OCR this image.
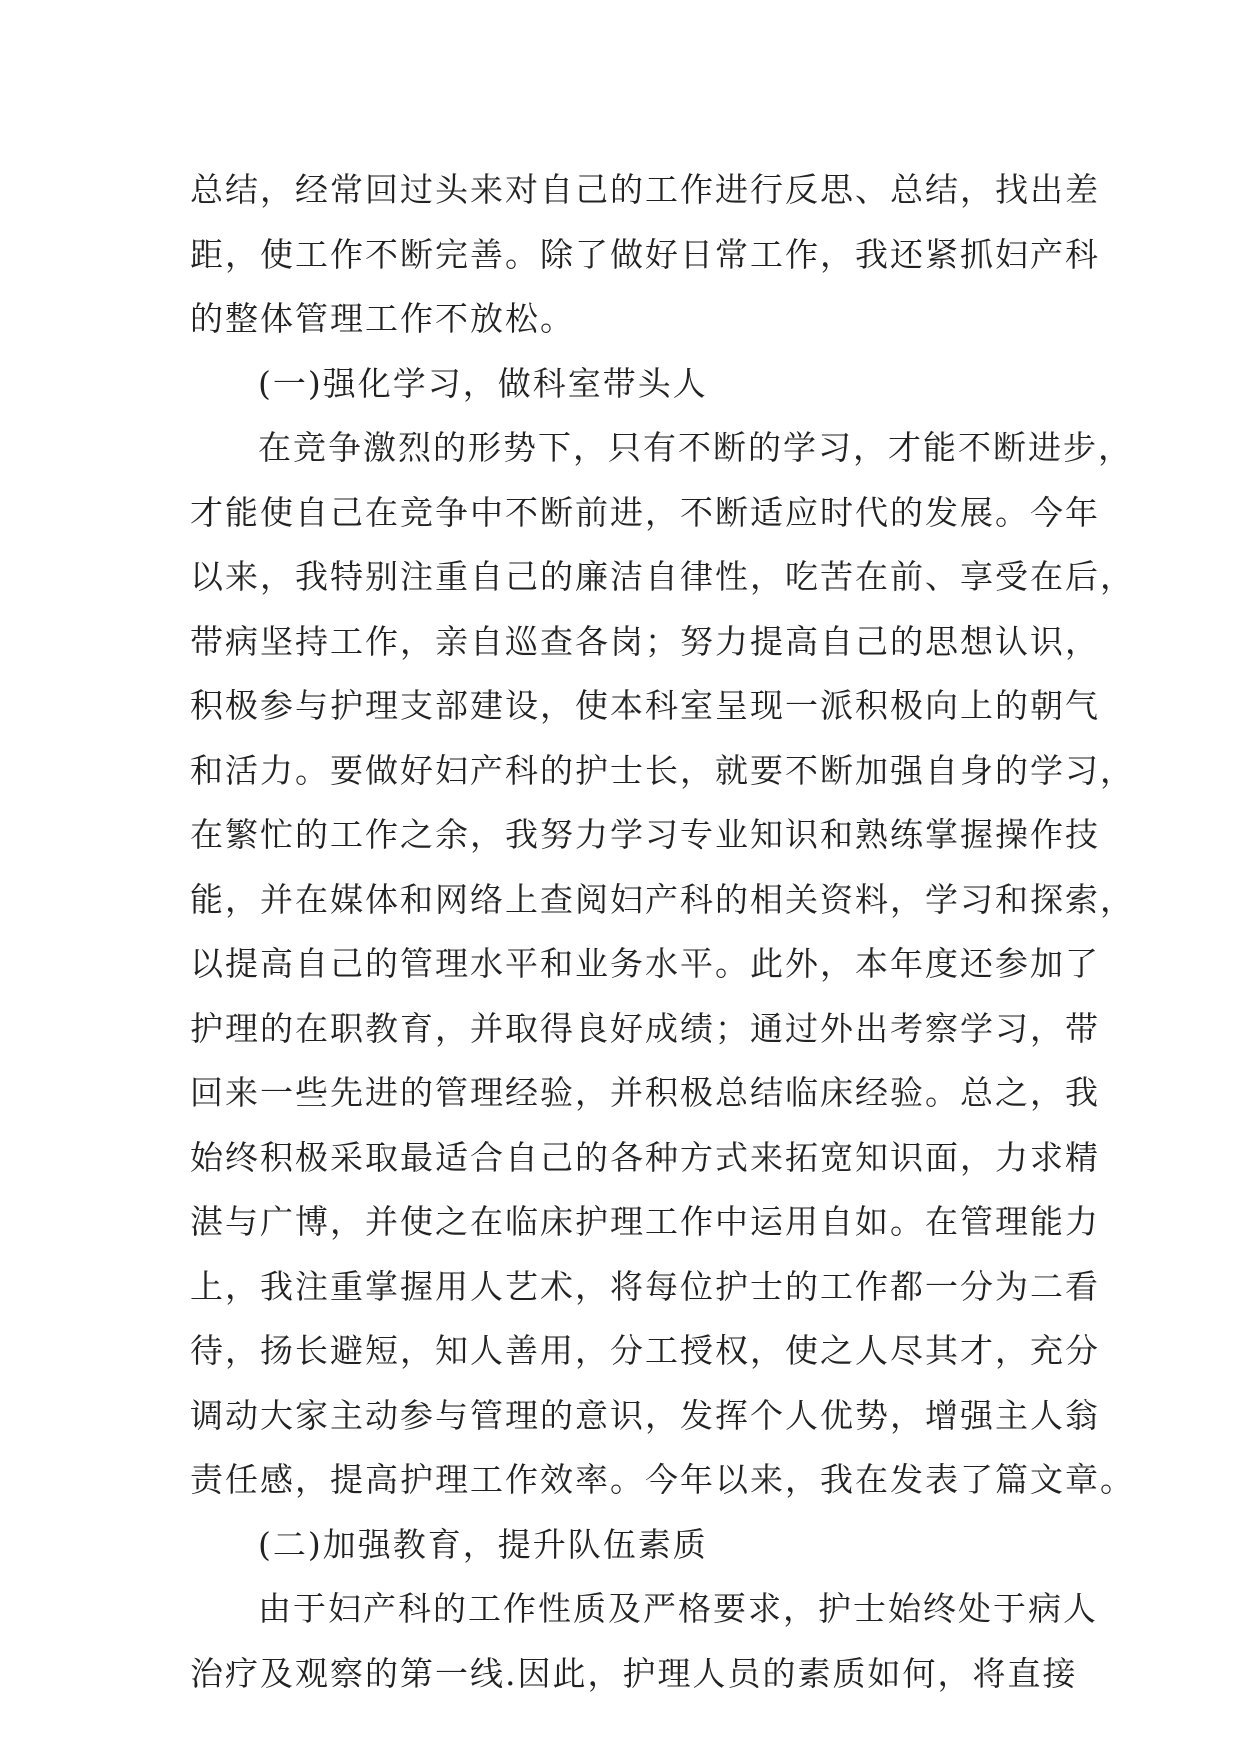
总结，经常回过头来对自己的工作进行反思、总结，找出差
距，使工作不断完善。除了做好日常工作，我还紧抓妇产科
的整体管理工作不放松。
(一)强化学习，做科室带头人
在竞争激烈的形势下，只有不断的学习，才能不断进步，
才能使自己在竞争中不断前进，不断适应时代的发展。今年
以来，我特别注重自己的廉洁自律性，吃苦在前、享受在后，
带病坚持工作，亲自巡查各岗；努力提高自己的思想认识，
积极参与护理支部建设，使本科室呈现一派积极向上的朝气
和活力。要做好妇产科的护士长，就要不断加强自身的学习，
在繁忙的工作之余，我努力学习专业知识和熟练掌握操作技
能，并在媒体和网络上查阅妇产科的相关资料，学习和探索，
以提高自己的管理水平和业务水平。此外，本年度还参加了
护理的在职教育，并取得良好成绩；通过外出考察学习，带
回来一些先进的管理经验，并积极总结临床经验。总之，我
始终积极采取最适合自己的各种方式来拓宽知识面，力求精
湛与广博，并使之在临床护理工作中运用自如。在管理能力
上，我注重掌握用人艺术，将每位护士的工作都一分为二看
待，扬长避短，知人善用，分工授权，使之人尽其才，充分
调动大家主动参与管理的意识，发挥个人优势，增强主人翁
责任感，提高护理工作效率。今年以来，我在发表了篇文章。
(二)加强教育，提升队伍素质
由于妇产科的工作性质及严格要求，护士始终处于病人
治疗及观察的第一线.因此，护理人员的素质如何，将直接
